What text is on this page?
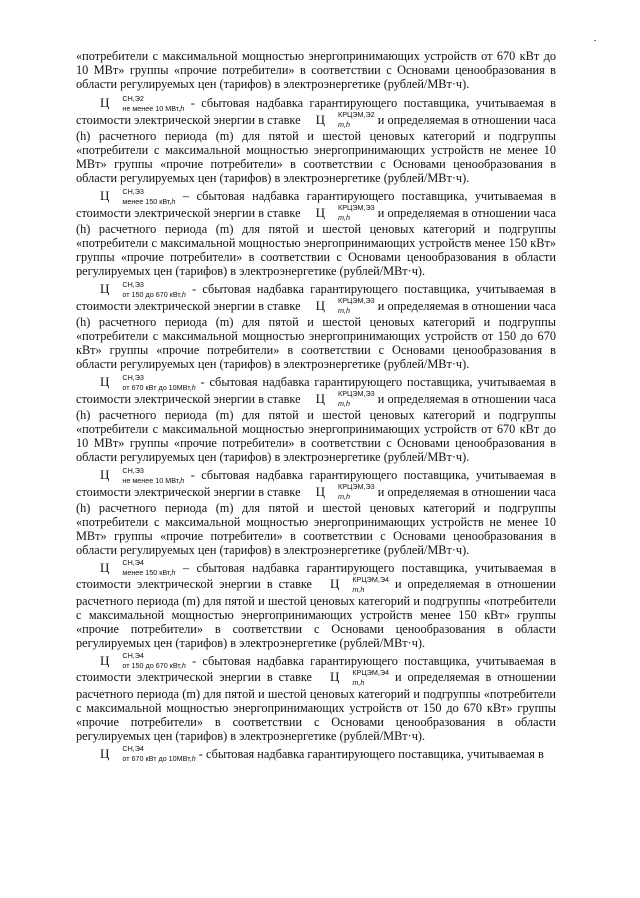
«потребители с максимальной мощностью энергопринимающих устройств от 670 кВт до 10 МВт» группы «прочие потребители» в соответствии с Основами ценообразования в области регулируемых цен (тарифов) в электроэнергетике (рублей/МВт·ч).

Ц	СН,Э2
не менее 10 МВт,h - сбытовая надбавка гарантирующего поставщика, учитываемая в стоимости электрической энергии в ставке Ц	КРЦЭМ,Э2
m,h	и определяемая в отношении часа (h) расчетного периода (m) для пятой и шестой ценовых категорий и подгруппы «потребители с максимальной мощностью энергопринимающих устройств не менее 10 МВт» группы «прочие потребители» в соответствии с Основами ценообразования в области регулируемых цен (тарифов) в электроэнергетике (рублей/МВт·ч).

Ц	СН,Э3
менее 150 кВт,h – сбытовая надбавка гарантирующего поставщика, учитываемая в стоимости электрической энергии в ставке Ц	КРЦЭМ,Э3
m,h	и определяемая в отношении часа (h) расчетного периода (m) для пятой и шестой ценовых категорий и подгруппы «потребители с максимальной мощностью энергопринимающих устройств менее 150 кВт» группы «прочие потребители» в соответствии с Основами ценообразования в области регулируемых цен (тарифов) в электроэнергетике (рублей/МВт·ч).

Ц	СН,Э3
от 150 до 670 кВт,h - сбытовая надбавка гарантирующего поставщика, учитываемая в стоимости электрической энергии в ставке Ц	КРЦЭМ,Э3
m,h	и определяемая в отношении часа (h) расчетного периода (m) для пятой и шестой ценовых категорий и подгруппы «потребители с максимальной мощностью энергопринимающих устройств от 150 до 670 кВт» группы «прочие потребители» в соответствии с Основами ценообразования в области регулируемых цен (тарифов) в электроэнергетике (рублей/МВт·ч).

Ц	СН,Э3
от 670 кВт до 10МВт,h - сбытовая надбавка гарантирующего поставщика, учитываемая в стоимости электрической энергии в ставке Ц	КРЦЭМ,Э3
m,h	и определяемая в отношении часа (h) расчетного периода (m) для пятой и шестой ценовых категорий и подгруппы «потребители с максимальной мощностью энергопринимающих устройств от 670 кВт до 10 МВт» группы «прочие потребители» в соответствии с Основами ценообразования в области регулируемых цен (тарифов) в электроэнергетике (рублей/МВт·ч).

Ц	СН,Э3
не менее 10 МВт,h - сбытовая надбавка гарантирующего поставщика, учитываемая в стоимости электрической энергии в ставке Ц	КРЦЭМ,Э3
m,h	и определяемая в отношении часа (h) расчетного периода (m) для пятой и шестой ценовых категорий и подгруппы «потребители с максимальной мощностью энергопринимающих устройств не менее 10 МВт» группы «прочие потребители» в соответствии с Основами ценообразования в области регулируемых цен (тарифов) в электроэнергетике (рублей/МВт·ч).

Ц	СН,Э4
менее 150 кВт,h – сбытовая надбавка гарантирующего поставщика, учитываемая в стоимости электрической энергии в ставке Ц	КРЦЭМ,Э4
m,h	и определяемая в отношении расчетного периода (m) для пятой и шестой ценовых категорий и подгруппы «потребители с максимальной мощностью энергопринимающих устройств менее 150 кВт» группы «прочие потребители» в соответствии с Основами ценообразования в области регулируемых цен (тарифов) в электроэнергетике (рублей/МВт·ч).

Ц	СН,Э4
от 150 до 670 кВт,h - сбытовая надбавка гарантирующего поставщика, учитываемая в стоимости электрической энергии в ставке Ц	КРЦЭМ,Э4
m,h	и определяемая в отношении расчетного периода (m) для пятой и шестой ценовых категорий и подгруппы «потребители с максимальной мощностью энергопринимающих устройств от 150 до 670 кВт» группы «прочие потребители» в соответствии с Основами ценообразования в области регулируемых цен (тарифов) в электроэнергетике (рублей/МВт·ч).

Ц	СН,Э4
от 670 кВт до 10МВт,h - сбытовая надбавка гарантирующего поставщика, учитываемая в
